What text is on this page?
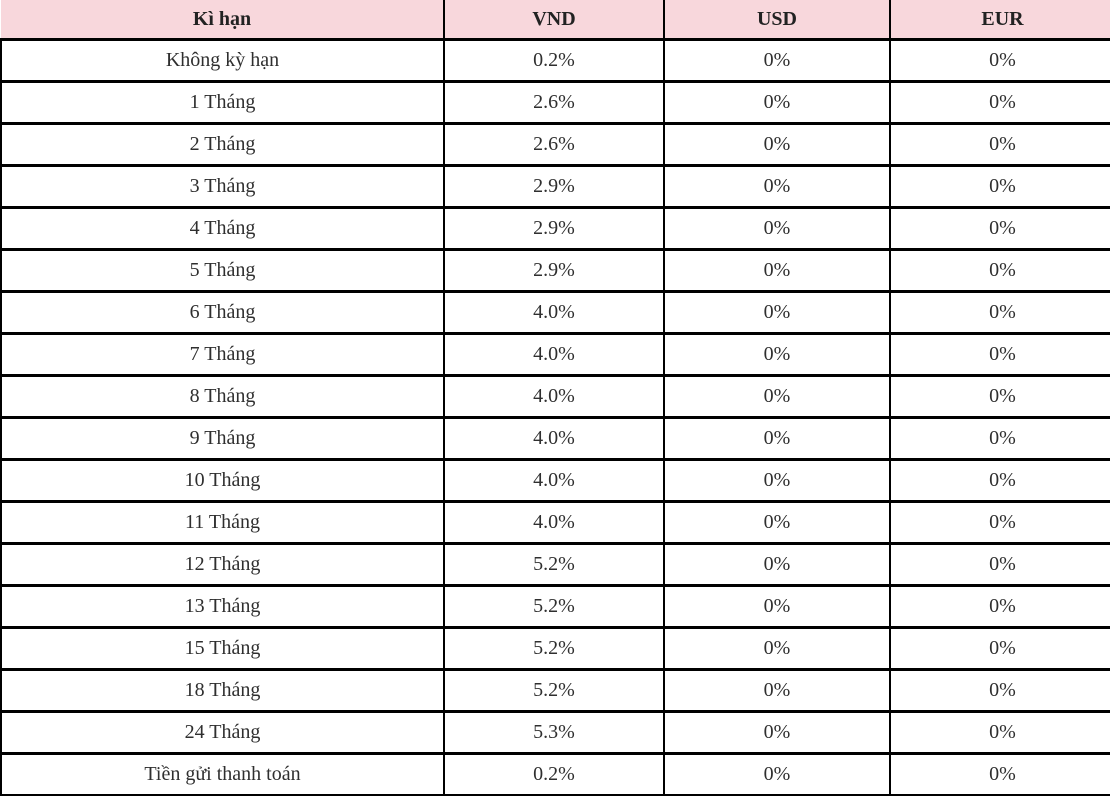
Kì hạn	VND	USD	EUR
Không kỳ hạn	0.2%	0%	0%
1 Tháng	2.6%	0%	0%
2 Tháng	2.6%	0%	0%
3 Tháng	2.9%	0%	0%
4 Tháng	2.9%	0%	0%
5 Tháng	2.9%	0%	0%
6 Tháng	4.0%	0%	0%
7 Tháng	4.0%	0%	0%
8 Tháng	4.0%	0%	0%
9 Tháng	4.0%	0%	0%
10 Tháng	4.0%	0%	0%
11 Tháng	4.0%	0%	0%
12 Tháng	5.2%	0%	0%
13 Tháng	5.2%	0%	0%
15 Tháng	5.2%	0%	0%
18 Tháng	5.2%	0%	0%
24 Tháng	5.3%	0%	0%
Tiền gửi thanh toán	0.2%	0%	0%
